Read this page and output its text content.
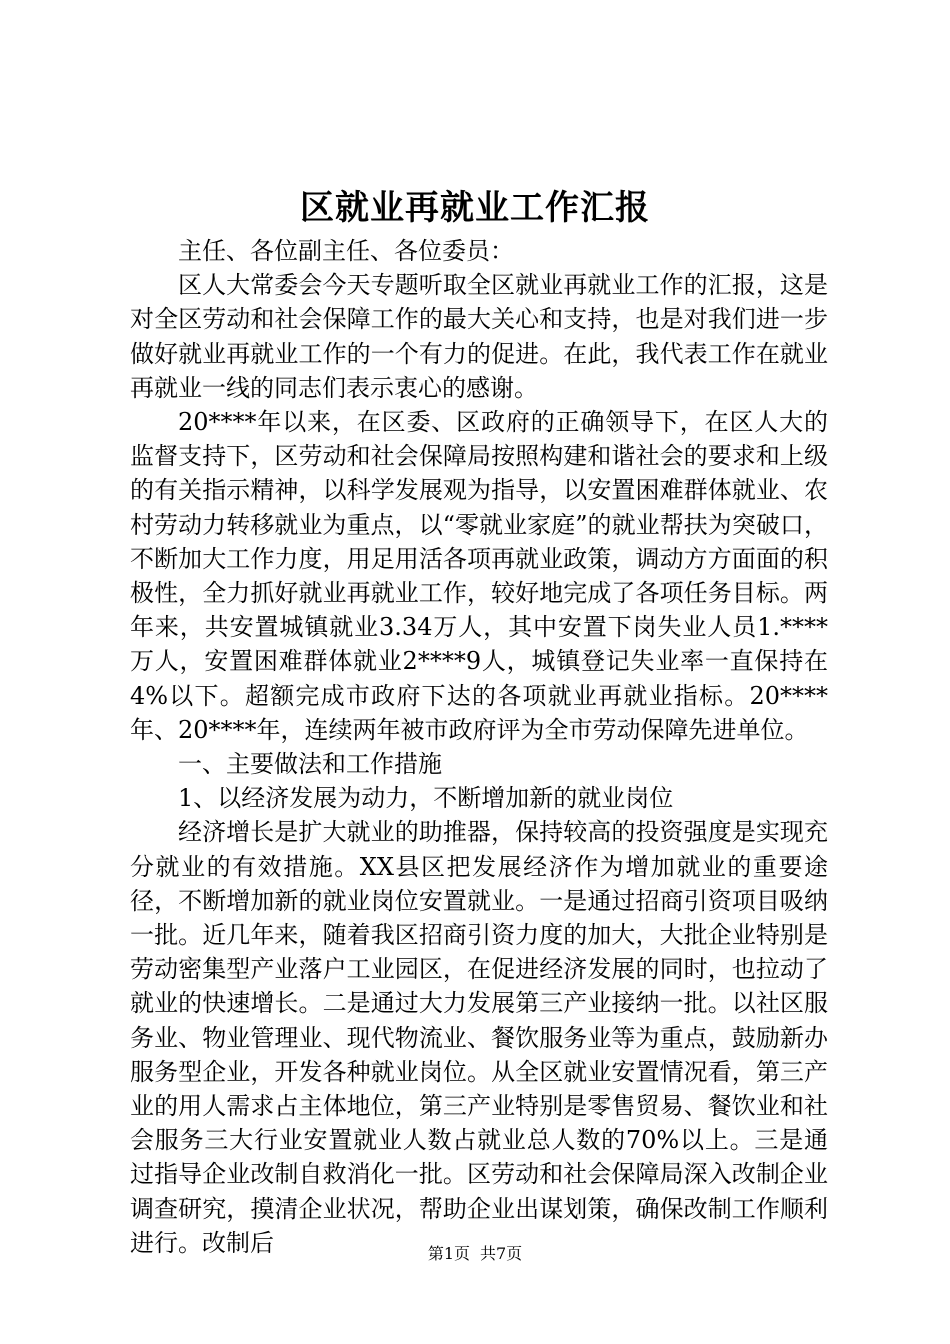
区就业再就业工作汇报

主任、各位副主任、各位委员：

区人大常委会今天专题听取全区就业再就业工作的汇报，这是对全区劳动和社会保障工作的最大关心和支持，也是对我们进一步做好就业再就业工作的一个有力的促进。在此，我代表工作在就业再就业一线的同志们表示衷心的感谢。

20****年以来，在区委、区政府的正确领导下，在区人大的监督支持下，区劳动和社会保障局按照构建和谐社会的要求和上级的有关指示精神，以科学发展观为指导，以安置困难群体就业、农村劳动力转移就业为重点，以“零就业家庭”的就业帮扶为突破口，不断加大工作力度，用足用活各项再就业政策，调动方方面面的积极性，全力抓好就业再就业工作，较好地完成了各项任务目标。两年来，共安置城镇就业3.34万人，其中安置下岗失业人员1.****万人，安置困难群体就业2****9人，城镇登记失业率一直保持在4%以下。超额完成市政府下达的各项就业再就业指标。20****年、20****年，连续两年被市政府评为全市劳动保障先进单位。

一、主要做法和工作措施

1、以经济发展为动力，不断增加新的就业岗位

经济增长是扩大就业的助推器，保持较高的投资强度是实现充分就业的有效措施。XX县区把发展经济作为增加就业的重要途径，不断增加新的就业岗位安置就业。一是通过招商引资项目吸纳一批。近几年来，随着我区招商引资力度的加大，大批企业特别是劳动密集型产业落户工业园区，在促进经济发展的同时，也拉动了就业的快速增长。二是通过大力发展第三产业接纳一批。以社区服务业、物业管理业、现代物流业、餐饮服务业等为重点，鼓励新办服务型企业，开发各种就业岗位。从全区就业安置情况看，第三产业的用人需求占主体地位，第三产业特别是零售贸易、餐饮业和社会服务三大行业安置就业人数占就业总人数的70%以上。三是通过指导企业改制自救消化一批。区劳动和社会保障局深入改制企业调查研究，摸清企业状况，帮助企业出谋划策，确保改制工作顺利进行。改制后	第1页 共7页
